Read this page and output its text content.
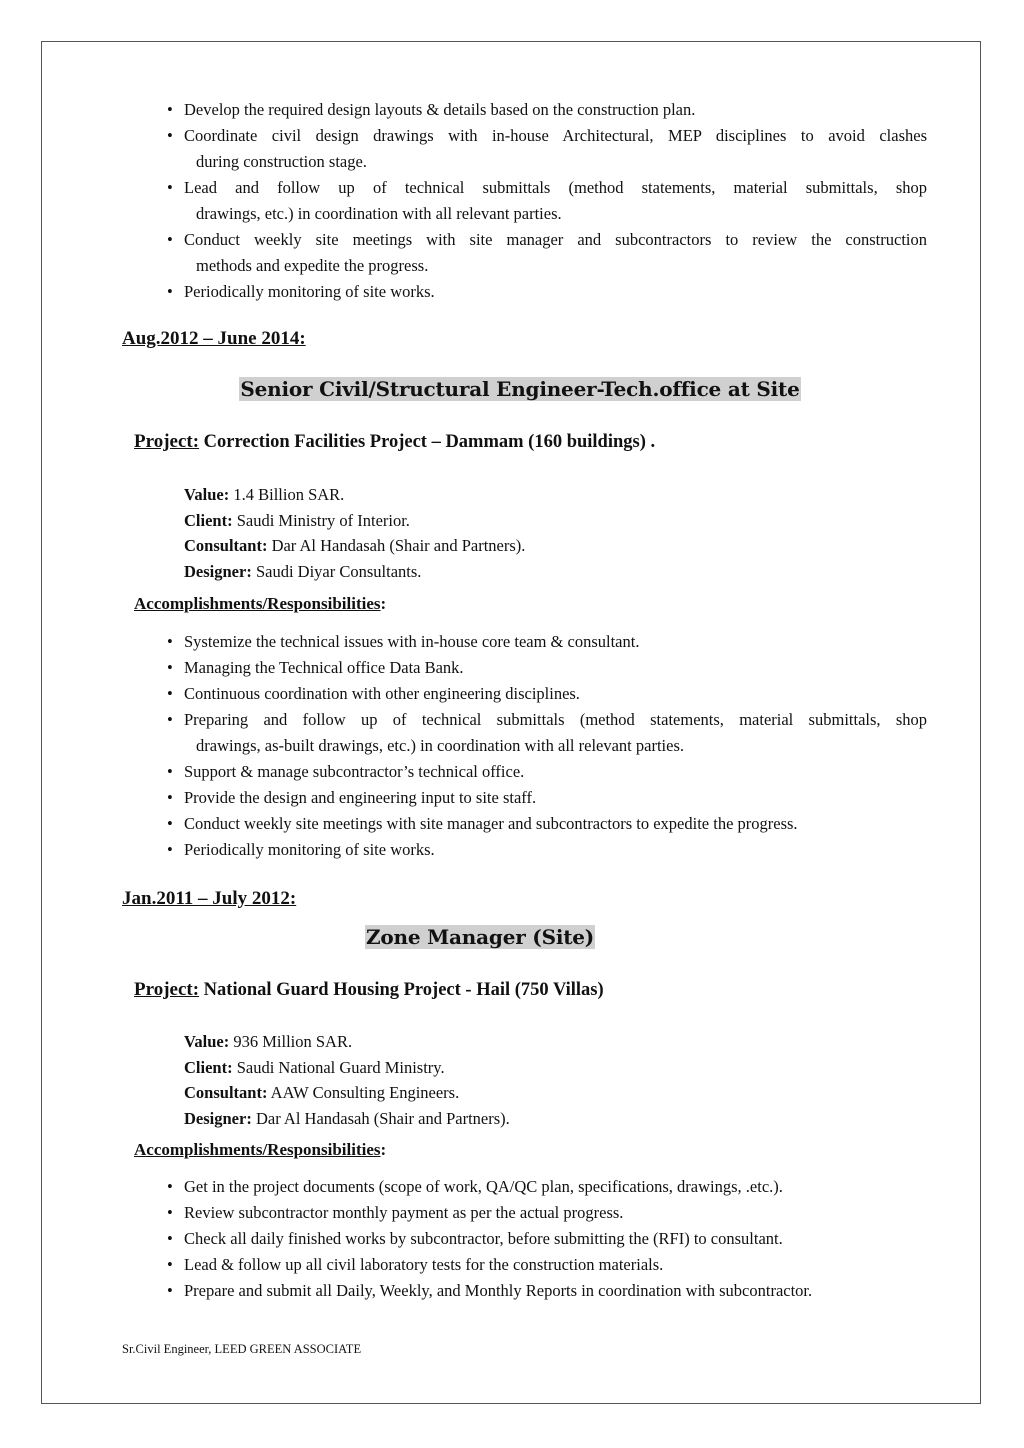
• Develop the required design layouts & details based on the construction plan.
• Coordinate civil design drawings with in-house Architectural, MEP disciplines to avoid clashes
during construction stage.
• Lead and follow up of technical submittals (method statements, material submittals, shop
drawings, etc.) in coordination with all relevant parties.
• Conduct weekly site meetings with site manager and subcontractors to review the construction
methods and expedite the progress.
• Periodically monitoring of site works.
Aug.2012 – June 2014:
Senior Civil/Structural Engineer-Tech.office at Site
Project: Correction Facilities Project – Dammam (160 buildings) .
Value: 1.4 Billion SAR.
Client: Saudi Ministry of Interior.
Consultant: Dar Al Handasah (Shair and Partners).
Designer: Saudi Diyar Consultants.
Accomplishments/Responsibilities:
• Systemize the technical issues with in-house core team & consultant.
• Managing the Technical office Data Bank.
• Continuous coordination with other engineering disciplines.
• Preparing and follow up of technical submittals (method statements, material submittals, shop
drawings, as-built drawings, etc.) in coordination with all relevant parties.
• Support & manage subcontractor’s technical office.
• Provide the design and engineering input to site staff.
• Conduct weekly site meetings with site manager and subcontractors to expedite the progress.
• Periodically monitoring of site works.
Jan.2011 – July 2012:
Zone Manager (Site)
Project: National Guard Housing Project - Hail (750 Villas)
Value: 936 Million SAR.
Client: Saudi National Guard Ministry.
Consultant: AAW Consulting Engineers.
Designer: Dar Al Handasah (Shair and Partners).
Accomplishments/Responsibilities:
• Get in the project documents (scope of work, QA/QC plan, specifications, drawings, .etc.).
• Review subcontractor monthly payment as per the actual progress.
• Check all daily finished works by subcontractor, before submitting the (RFI) to consultant.
• Lead & follow up all civil laboratory tests for the construction materials.
• Prepare and submit all Daily, Weekly, and Monthly Reports in coordination with subcontractor.
Sr.Civil Engineer, LEED GREEN ASSOCIATE
